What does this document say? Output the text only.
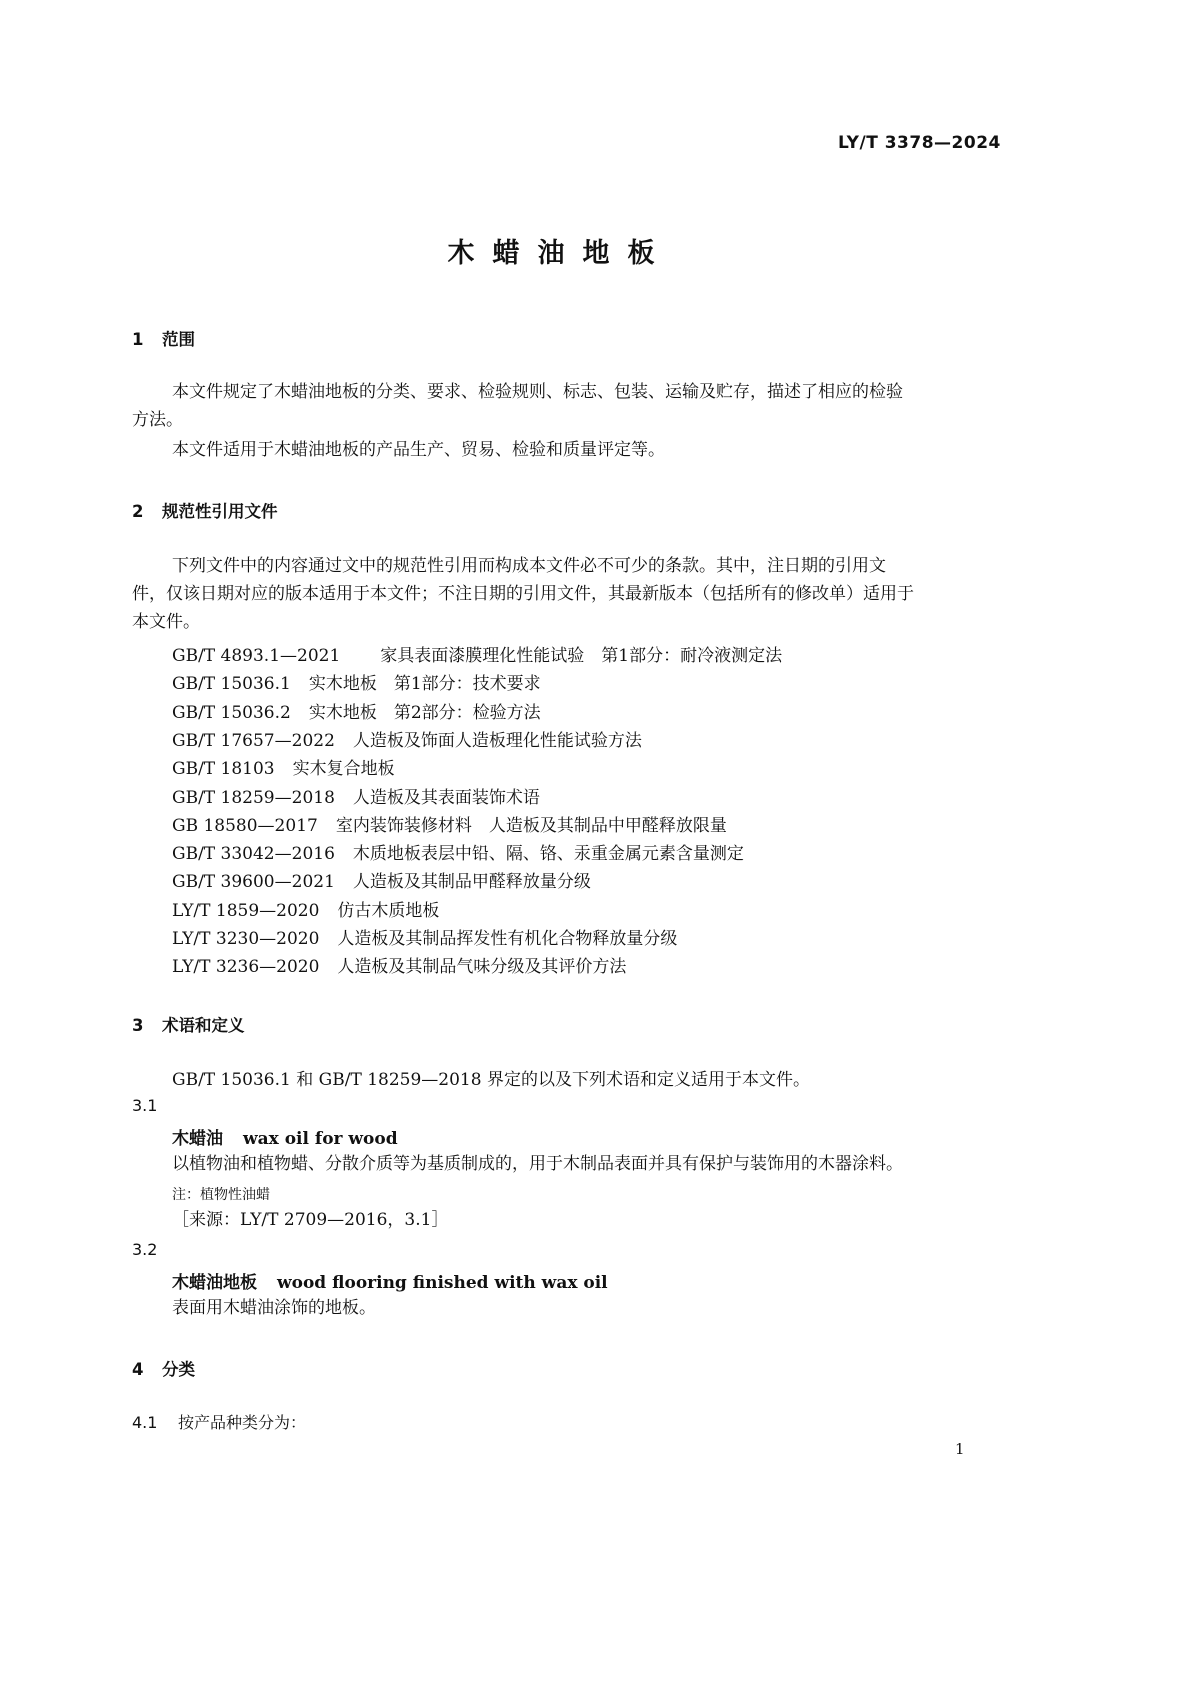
LY/T 3378—2024
木蜡油地板
1 范围
本文件规定了木蜡油地板的分类、要求、检验规则、标志、包装、运输及贮存，描述了相应的检验
方法。
本文件适用于木蜡油地板的产品生产、贸易、检验和质量评定等。
2 规范性引用文件
下列文件中的内容通过文中的规范性引用而构成本文件必不可少的条款。其中，注日期的引用文
件，仅该日期对应的版本适用于本文件；不注日期的引用文件，其最新版本（包括所有的修改单）适用于
本文件。
GB/T 4893.1—2021 家具表面漆膜理化性能试验　第1部分：耐冷液测定法
GB/T 15036.1 实木地板　第1部分：技术要求
GB/T 15036.2 实木地板　第2部分：检验方法
GB/T 17657—2022 人造板及饰面人造板理化性能试验方法
GB/T 18103 实木复合地板
GB/T 18259—2018 人造板及其表面装饰术语
GB 18580—2017 室内装饰装修材料　人造板及其制品中甲醛释放限量
GB/T 33042—2016 木质地板表层中铅、隔、铬、汞重金属元素含量测定
GB/T 39600—2021 人造板及其制品甲醛释放量分级
LY/T 1859—2020 仿古木质地板
LY/T 3230—2020 人造板及其制品挥发性有机化合物释放量分级
LY/T 3236—2020 人造板及其制品气味分级及其评价方法
3 术语和定义
GB/T 15036.1 和 GB/T 18259—2018 界定的以及下列术语和定义适用于本文件。
3.1
木蜡油 wax oil for wood
以植物油和植物蜡、分散介质等为基质制成的，用于木制品表面并具有保护与装饰用的木器涂料。
注：植物性油蜡
［来源：LY/T 2709—2016，3.1］
3.2
木蜡油地板 wood flooring finished with wax oil
表面用木蜡油涂饰的地板。
4 分类
4.1 按产品种类分为：
1
